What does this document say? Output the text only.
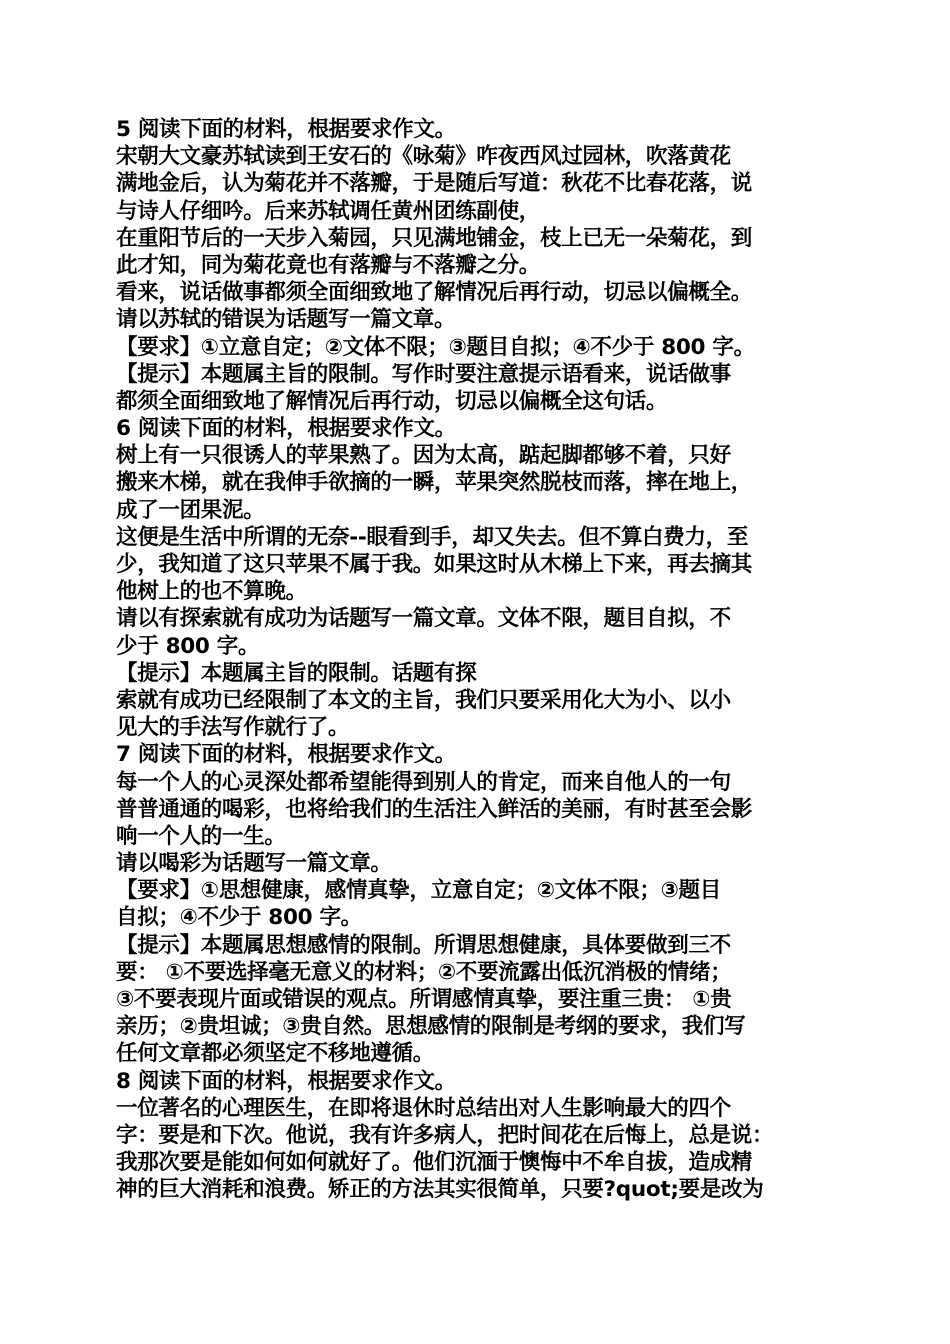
5 阅读下面的材料，根据要求作文。
宋朝大文豪苏轼读到王安石的《咏菊》咋夜西风过园林，吹落黄花
满地金后，认为菊花并不落瓣，于是随后写道：秋花不比春花落，说
与诗人仔细吟。后来苏轼调任黄州团练副使，
在重阳节后的一天步入菊园，只见满地铺金，枝上已无一朵菊花，到
此才知，同为菊花竟也有落瓣与不落瓣之分。
看来，说话做事都须全面细致地了解情况后再行动，切忌以偏概全。
请以苏轼的错误为话题写一篇文章。
【要求】①立意自定；②文体不限；③题目自拟；④不少于 800 字。
【提示】本题属主旨的限制。写作时要注意提示语看来，说话做事
都须全面细致地了解情况后再行动，切忌以偏概全这句话。
6 阅读下面的材料，根据要求作文。
树上有一只很诱人的苹果熟了。因为太高，踮起脚都够不着，只好
搬来木梯，就在我伸手欲摘的一瞬，苹果突然脱枝而落，摔在地上，
成了一团果泥。
这便是生活中所谓的无奈--眼看到手，却又失去。但不算白费力，至
少，我知道了这只苹果不属于我。如果这时从木梯上下来，再去摘其
他树上的也不算晚。
请以有探索就有成功为话题写一篇文章。文体不限，题目自拟，不
少于 800 字。
【提示】本题属主旨的限制。话题有探
索就有成功已经限制了本文的主旨，我们只要采用化大为小、以小
见大的手法写作就行了。
7 阅读下面的材料，根据要求作文。
每一个人的心灵深处都希望能得到别人的肯定，而来自他人的一句
普普通通的喝彩，也将给我们的生活注入鲜活的美丽，有时甚至会影
响一个人的一生。
请以喝彩为话题写一篇文章。
【要求】①思想健康，感情真挚，立意自定；②文体不限；③题目
自拟；④不少于 800 字。
【提示】本题属思想感情的限制。所谓思想健康，具体要做到三不
要： ①不要选择毫无意义的材料；②不要流露出低沉消极的情绪；
③不要表现片面或错误的观点。所谓感情真挚，要注重三贵： ①贵
亲历；②贵坦诚；③贵自然。思想感情的限制是考纲的要求，我们写
任何文章都必须坚定不移地遵循。
8 阅读下面的材料，根据要求作文。
一位著名的心理医生，在即将退休时总结出对人生影响最大的四个
字：要是和下次。他说，我有许多病人，把时间花在后悔上，总是说：
我那次要是能如何如何就好了。他们沉湎于懊悔中不牟自拔，造成精
神的巨大消耗和浪费。矫正的方法其实很简单，只要?quot;要是改为
